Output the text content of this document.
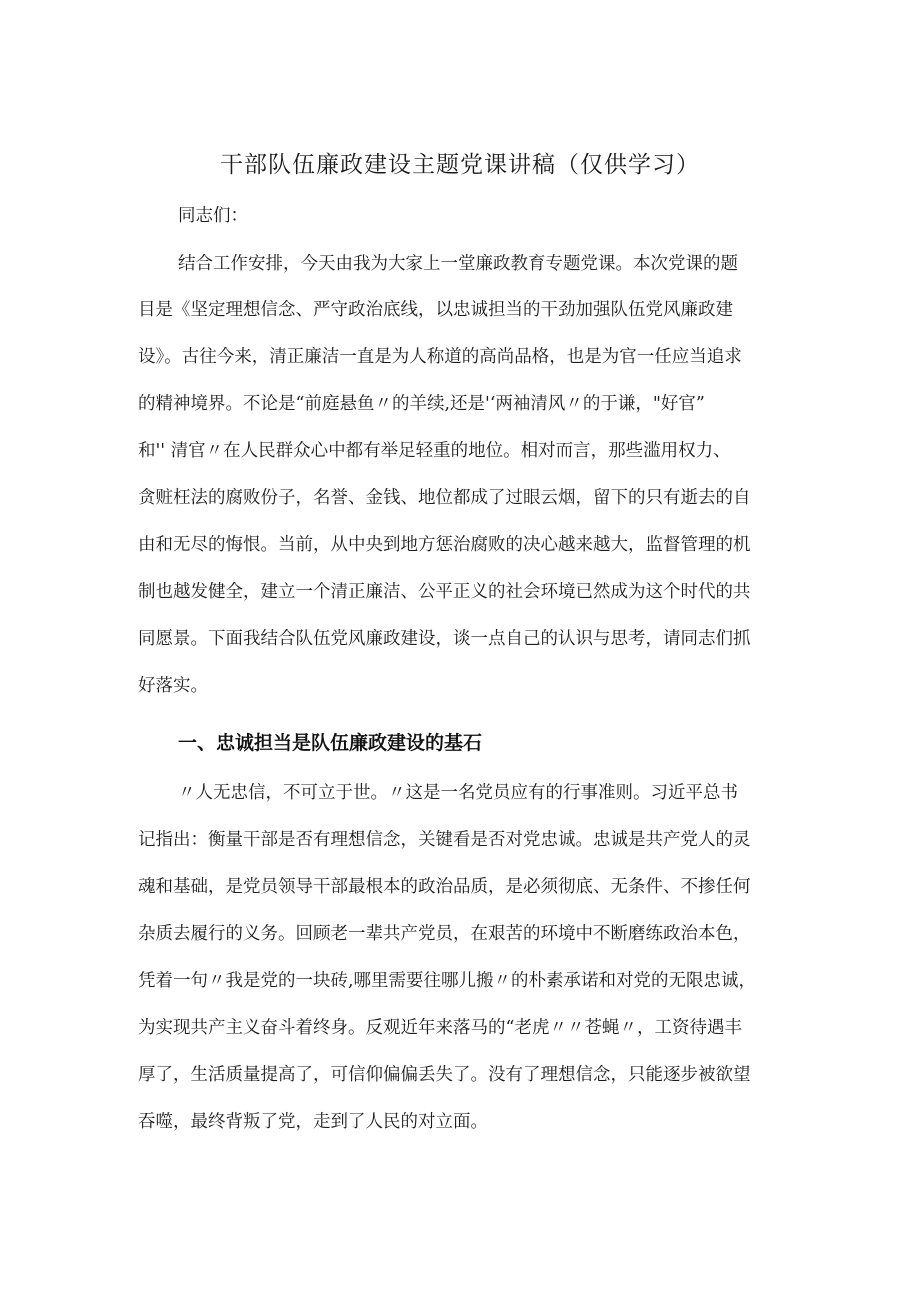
干部队伍廉政建设主题党课讲稿（仅供学习）
同志们：
结合工作安排，今天由我为大家上一堂廉政教育专题党课。本次党课的题
目是《坚定理想信念、严守政治底线，以忠诚担当的干劲加强队伍党风廉政建
设》。古往今来，清正廉洁一直是为人称道的高尚品格，也是为官一任应当追求
的精神境界。不论是“前庭悬鱼〃的羊续,还是'‘两袖清风〃的于谦，"好官”
和'' 清官〃在人民群众心中都有举足轻重的地位。相对而言，那些滥用权力、
贪赃枉法的腐败份子，名誉、金钱、地位都成了过眼云烟，留下的只有逝去的自
由和无尽的悔恨。当前，从中央到地方惩治腐败的决心越来越大，监督管理的机
制也越发健全，建立一个清正廉洁、公平正义的社会环境已然成为这个时代的共
同愿景。下面我结合队伍党风廉政建设，谈一点自己的认识与思考，请同志们抓
好落实。
一、忠诚担当是队伍廉政建设的基石
〃人无忠信，不可立于世。〃这是一名党员应有的行事准则。习近平总书
记指出：衡量干部是否有理想信念，关键看是否对党忠诚。忠诚是共产党人的灵
魂和基础，是党员领导干部最根本的政治品质，是必须彻底、无条件、不掺任何
杂质去履行的义务。回顾老一辈共产党员，在艰苦的环境中不断磨练政治本色，
凭着一句〃我是党的一块砖,哪里需要往哪儿搬〃的朴素承诺和对党的无限忠诚，
为实现共产主义奋斗着终身。反观近年来落马的“老虎〃〃苍蝇〃，工资待遇丰
厚了，生活质量提高了，可信仰偏偏丢失了。没有了理想信念，只能逐步被欲望
吞噬，最终背叛了党，走到了人民的对立面。
